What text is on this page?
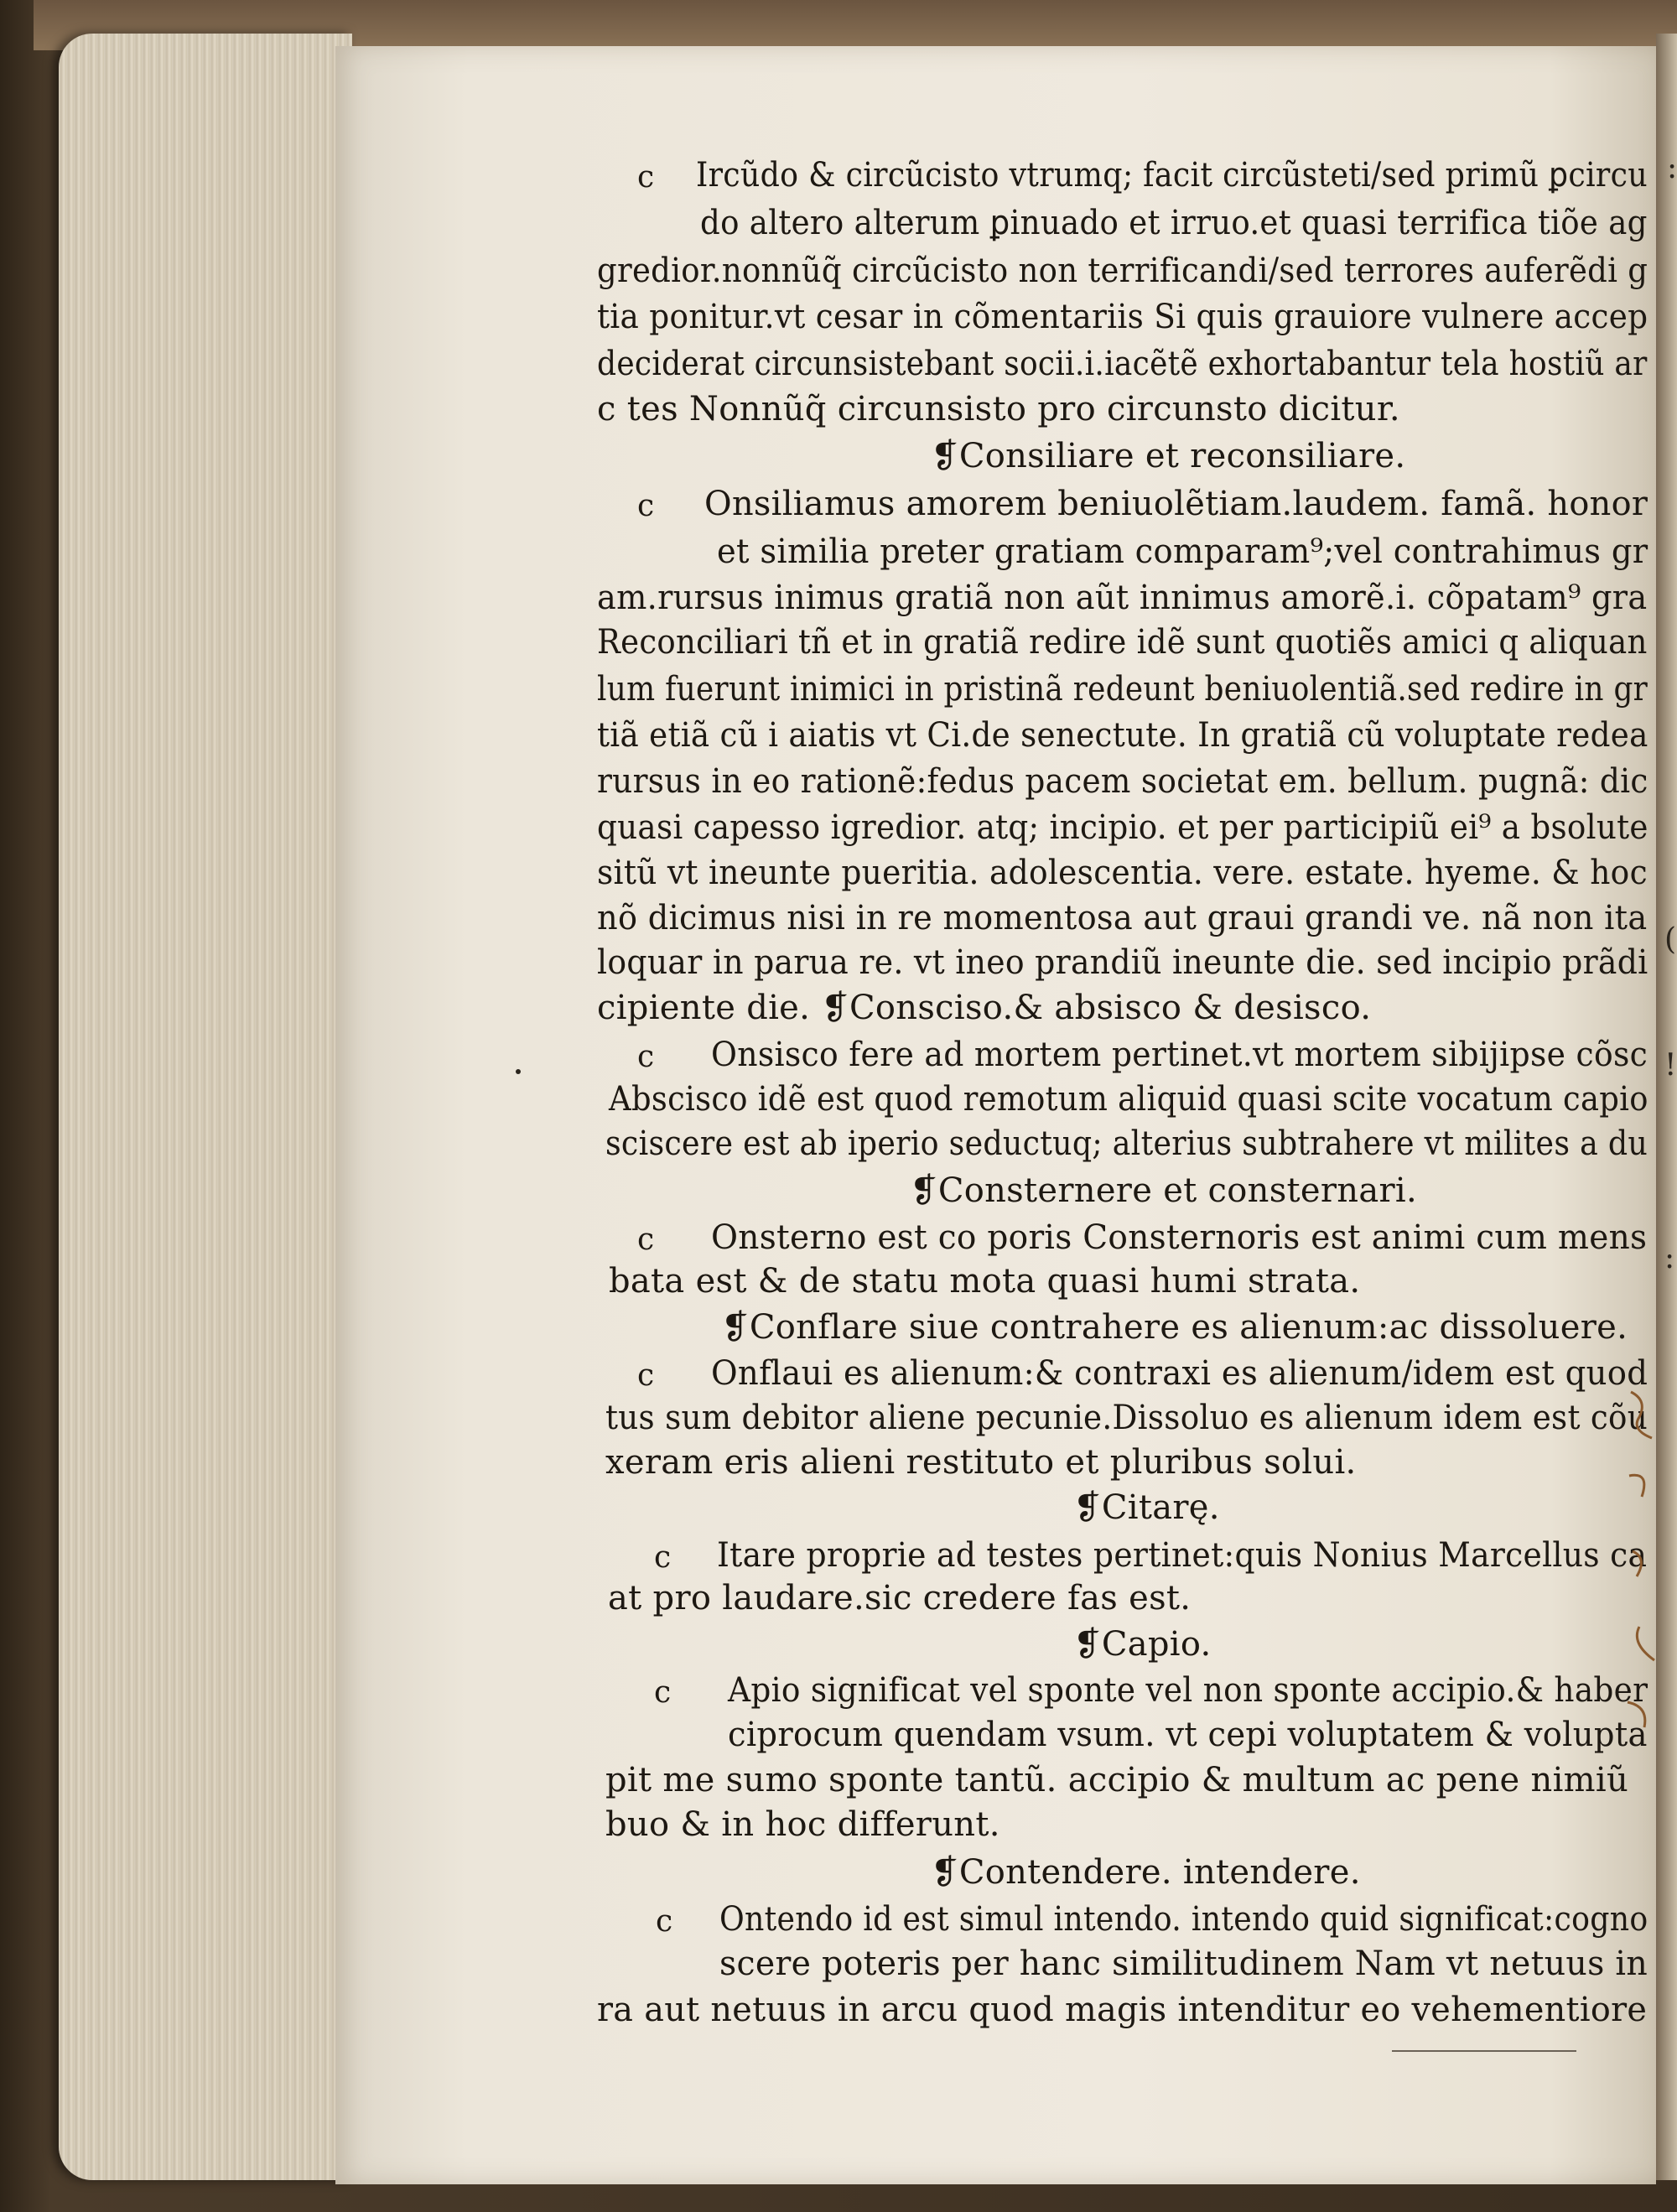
c Ircũdo & circũcisto vtrumq; facit circũsteti/sed primũ ꝑcircu
do altero alterum ꝑinuado et irruo.et quasi terrifica tiõe ag
gredior.nonnũq̃ circũcisto non terrificandi/sed terrores auferẽdi g
tia ponitur.vt cesar in cõmentariis Si quis grauiore vulnere accep
deciderat circunsistebant socii.i.iacẽtẽ exhortabantur tela hostiũ ar
c tes Nonnũq̃ circunsisto pro circunsto dicitur.
❡Consiliare et reconsiliare.
c Onsiliamus amorem beniuolẽtiam.laudem. famã. honor
et similia preter gratiam comparam⁹;vel contrahimus gr
am.rursus inimus gratiã non aũt innimus amorẽ.i. cõpatam⁹ gra
Reconciliari tñ et in gratiã redire idẽ sunt quotiẽs amici q aliquan
lum fuerunt inimici in pristinã redeunt beniuolentiã.sed redire in gr
tiã etiã cũ i aiatis vt Ci.de senectute. In gratiã cũ voluptate redea
rursus in eo rationẽ:fedus pacem societat em. bellum. pugnã: dic
quasi capesso igredior. atq; incipio. et per participiũ ei⁹ a bsolute
sitũ vt ineunte pueritia. adolescentia. vere. estate. hyeme. & hoc
nõ dicimus nisi in re momentosa aut graui grandi ve. nã non ita
loquar in parua re. vt ineo prandiũ ineunte die. sed incipio prãdi
cipiente die. ❡Consciso.& absisco & desisco.
c Onsisco fere ad mortem pertinet.vt mortem sibijipse cõsc
Abscisco idẽ est quod remotum aliquid quasi scite vocatum capio
sciscere est ab iperio seductuq; alterius subtrahere vt milites a du
❡Consternere et consternari.
c Onsterno est co poris Consternoris est animi cum mens
bata est & de statu mota quasi humi strata.
❡Conflare siue contrahere es alienum:ac dissoluere.
c Onflaui es alienum:& contraxi es alienum/idem est quod
tus sum debitor aliene pecunie.Dissoluo es alienum idem est cõu
xeram eris alieni restituto et pluribus solui.
❡Citarę.
c Itare proprie ad testes pertinet:quis Nonius Marcellus ca
at pro laudare.sic credere fas est.
❡Capio.
c Apio significat vel sponte vel non sponte accipio.& haber
ciprocum quendam vsum. vt cepi voluptatem & volupta
pit me sumo sponte tantũ. accipio & multum ac pene nimiũ
buo & in hoc differunt.
❡Contendere. intendere.
c Ontendo id est simul intendo. intendo quid significat:cogno
scere poteris per hanc similitudinem Nam vt netuus in
ra aut netuus in arcu quod magis intenditur eo vehementiore
:
(
!
:
